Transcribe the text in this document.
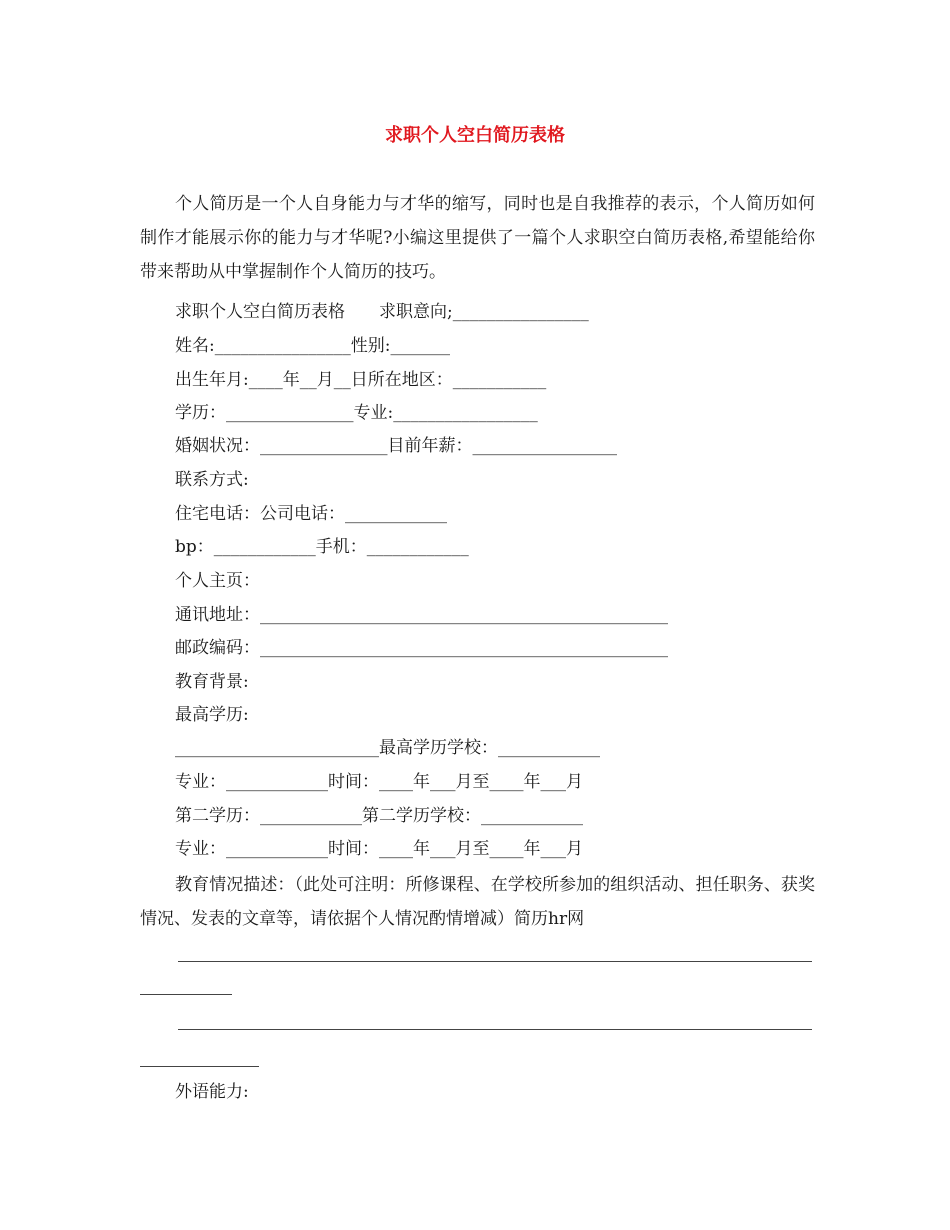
求职个人空白简历表格
个人简历是一个人自身能力与才华的缩写，同时也是自我推荐的表示，个人简历如何制作才能展示你的能力与才华呢?小编这里提供了一篇个人求职空白简历表格,希望能给你带来帮助从中掌握制作个人简历的技巧。
求职个人空白简历表格　　求职意向;________________
姓名:________________性别:_______
出生年月:____年__月__日所在地区：___________
学历：_______________专业:_________________
婚姻状况：_______________目前年薪：_________________
联系方式:
住宅电话：公司电话：____________
bp：____________手机：____________
个人主页：
通讯地址：________________________________________________
邮政编码：________________________________________________
教育背景:
最高学历:
________________________最高学历学校：____________
专业：____________时间：____年___月至____年___月
第二学历：____________第二学历学校：____________
专业：____________时间：____年___月至____年___月
教育情况描述：（此处可注明：所修课程、在学校所参加的组织活动、担任职务、获奖情况、发表的文章等，请依据个人情况酌情增减）简历hr网
外语能力:
